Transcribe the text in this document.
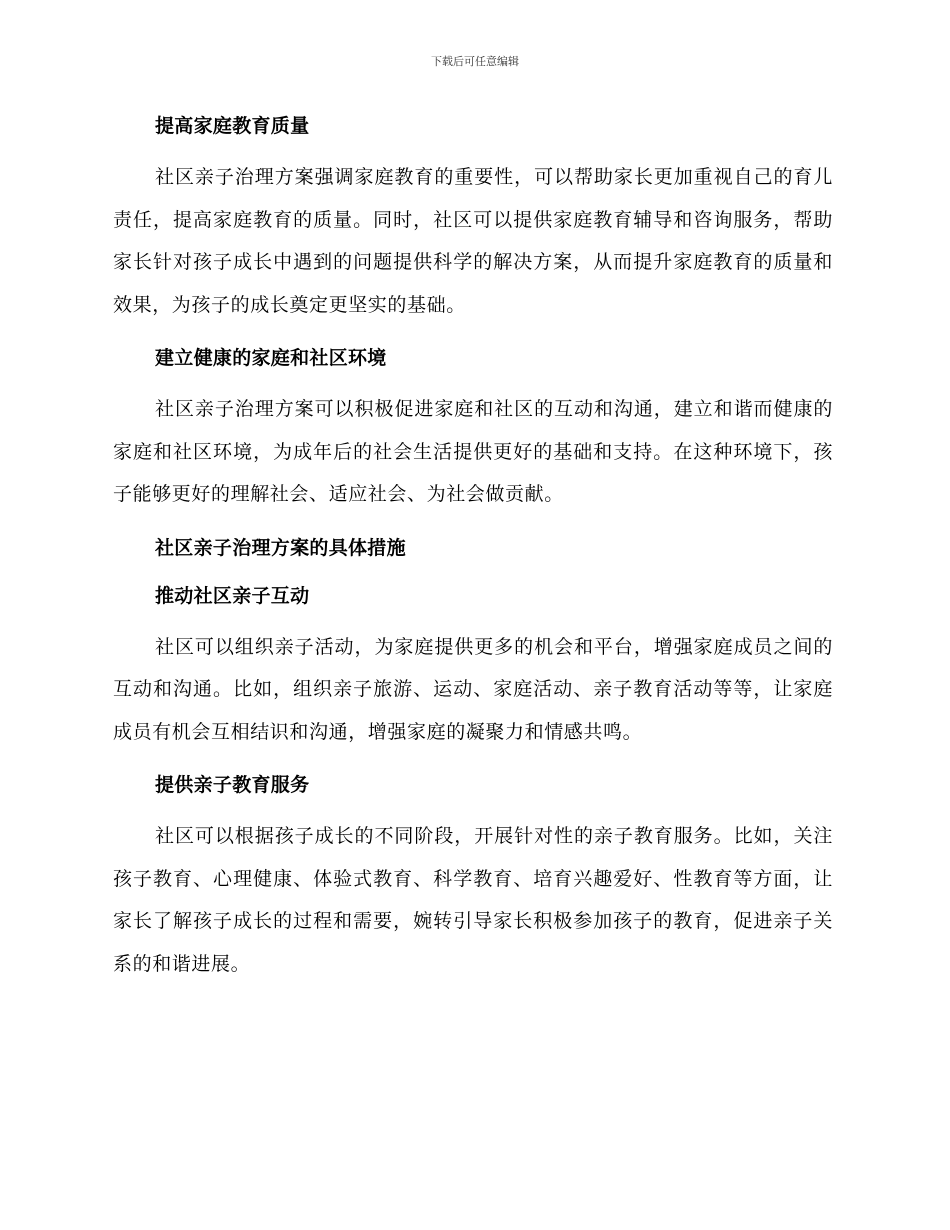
下载后可任意编辑
提高家庭教育质量

社区亲子治理方案强调家庭教育的重要性，可以帮助家长更加重视自己的育儿责任，提高家庭教育的质量。同时，社区可以提供家庭教育辅导和咨询服务，帮助家长针对孩子成长中遇到的问题提供科学的解决方案，从而提升家庭教育的质量和效果，为孩子的成长奠定更坚实的基础。

建立健康的家庭和社区环境

社区亲子治理方案可以积极促进家庭和社区的互动和沟通，建立和谐而健康的家庭和社区环境，为成年后的社会生活提供更好的基础和支持。在这种环境下，孩子能够更好的理解社会、适应社会、为社会做贡献。

社区亲子治理方案的具体措施
推动社区亲子互动

社区可以组织亲子活动，为家庭提供更多的机会和平台，增强家庭成员之间的互动和沟通。比如，组织亲子旅游、运动、家庭活动、亲子教育活动等等，让家庭成员有机会互相结识和沟通，增强家庭的凝聚力和情感共鸣。

提供亲子教育服务

社区可以根据孩子成长的不同阶段，开展针对性的亲子教育服务。比如，关注孩子教育、心理健康、体验式教育、科学教育、培育兴趣爱好、性教育等方面，让家长了解孩子成长的过程和需要，婉转引导家长积极参加孩子的教育，促进亲子关系的和谐进展。
